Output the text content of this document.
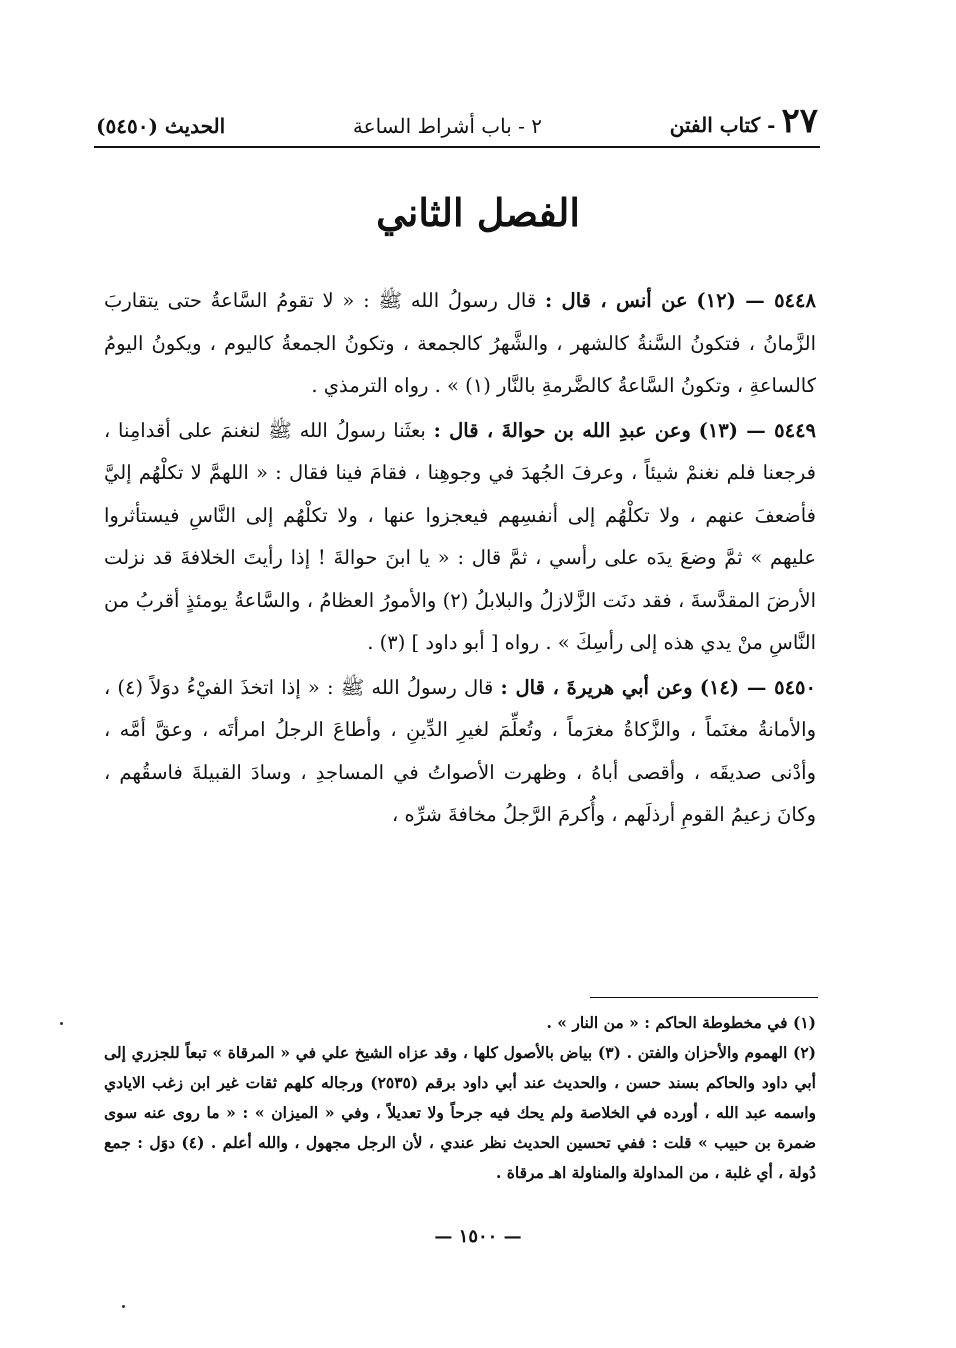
٢٧
- كتاب الفتن
٢ - باب أشراط الساعة
الحديث (٥٤٥٠)
الفصل الثاني

٥٤٤٨ — (١٢) عن أنس ، قال : قال رسولُ الله ﷺ : « لا تقومُ السَّاعةُ حتى يتقاربَ الزَّمانُ ، فتكونُ السَّنةُ كالشهر ، والشَّهرُ كالجمعة ، وتكونُ الجمعةُ كاليوم ، ويكونُ اليومُ كالساعةِ ، وتكونُ السَّاعةُ كالضَّرمةِ بالنَّار (١) » . رواه الترمذي .

٥٤٤٩ — (١٣) وعن عبدِ الله بن حوالةَ ، قال : بعثَنا رسولُ الله ﷺ لنغنمَ على أقدامِنا ، فرجعنا فلم نغنمْ شيئاً ، وعرفَ الجُهدَ في وجوهِنا ، فقامَ فينا فقال : « اللهمَّ لا تكلْهُم إليَّ فأضعفَ عنهم ، ولا تكلْهُم إلى أنفسِهم فيعجزوا عنها ، ولا تكلْهُم إلى النَّاسِ فيستأثروا عليهم » ثمَّ وضعَ يدَه على رأسي ، ثمَّ قال : « يا ابنَ حوالةَ ! إذا رأيتَ الخلافةَ قد نزلت الأرضَ المقدَّسةَ ، فقد دنَت الزَّلازلُ والبلابلُ (٢) والأمورُ العظامُ ، والسَّاعةُ يومئذٍ أقربُ من النَّاسِ منْ يدي هذه إلى رأسِكَ » . رواه [ أبو داود ] (٣) .

٥٤٥٠ — (١٤) وعن أبي هريرةَ ، قال : قال رسولُ الله ﷺ : « إذا اتخذَ الفيْءُ دوَلاً (٤) ، والأمانةُ مغنَماً ، والزَّكاةُ مغرَماً ، وتُعلِّمَ لغيرِ الدِّينِ ، وأطاعَ الرجلُ امرأتَه ، وعقَّ أمَّه ، وأدْنى صديقَه ، وأقصى أباهُ ، وظهرت الأصواتُ في المساجدِ ، وسادَ القبيلةَ فاسقُهم ، وكانَ زعيمُ القومِ أرذلَهم ، وأُكرمَ الرَّجلُ مخافةَ شرِّه ،

(١) في مخطوطة الحاكم : « من النار » .

(٢) الهموم والأحزان والفتن . (٣) بياض بالأصول كلها ، وقد عزاه الشيخ علي في « المرقاة » تبعاً للجزري إلى أبي داود والحاكم بسند حسن ، والحديث عند أبي داود برقم (٢٥٣٥) ورجاله كلهم ثقات غير ابن زغب الايادي واسمه عبد الله ، أورده في الخلاصة ولم يحك فيه جرحاً ولا تعديلاً ، وفي « الميزان » : « ما روى عنه سوى ضمرة بن حبيب » قلت : ففي تحسين الحديث نظر عندي ، لأن الرجل مجهول ، والله أعلم . (٤) دوَل : جمع دُولة ، أي غلبة ، من المداولة والمناولة اهـ مرقاة .

— ١٥٠٠ —
